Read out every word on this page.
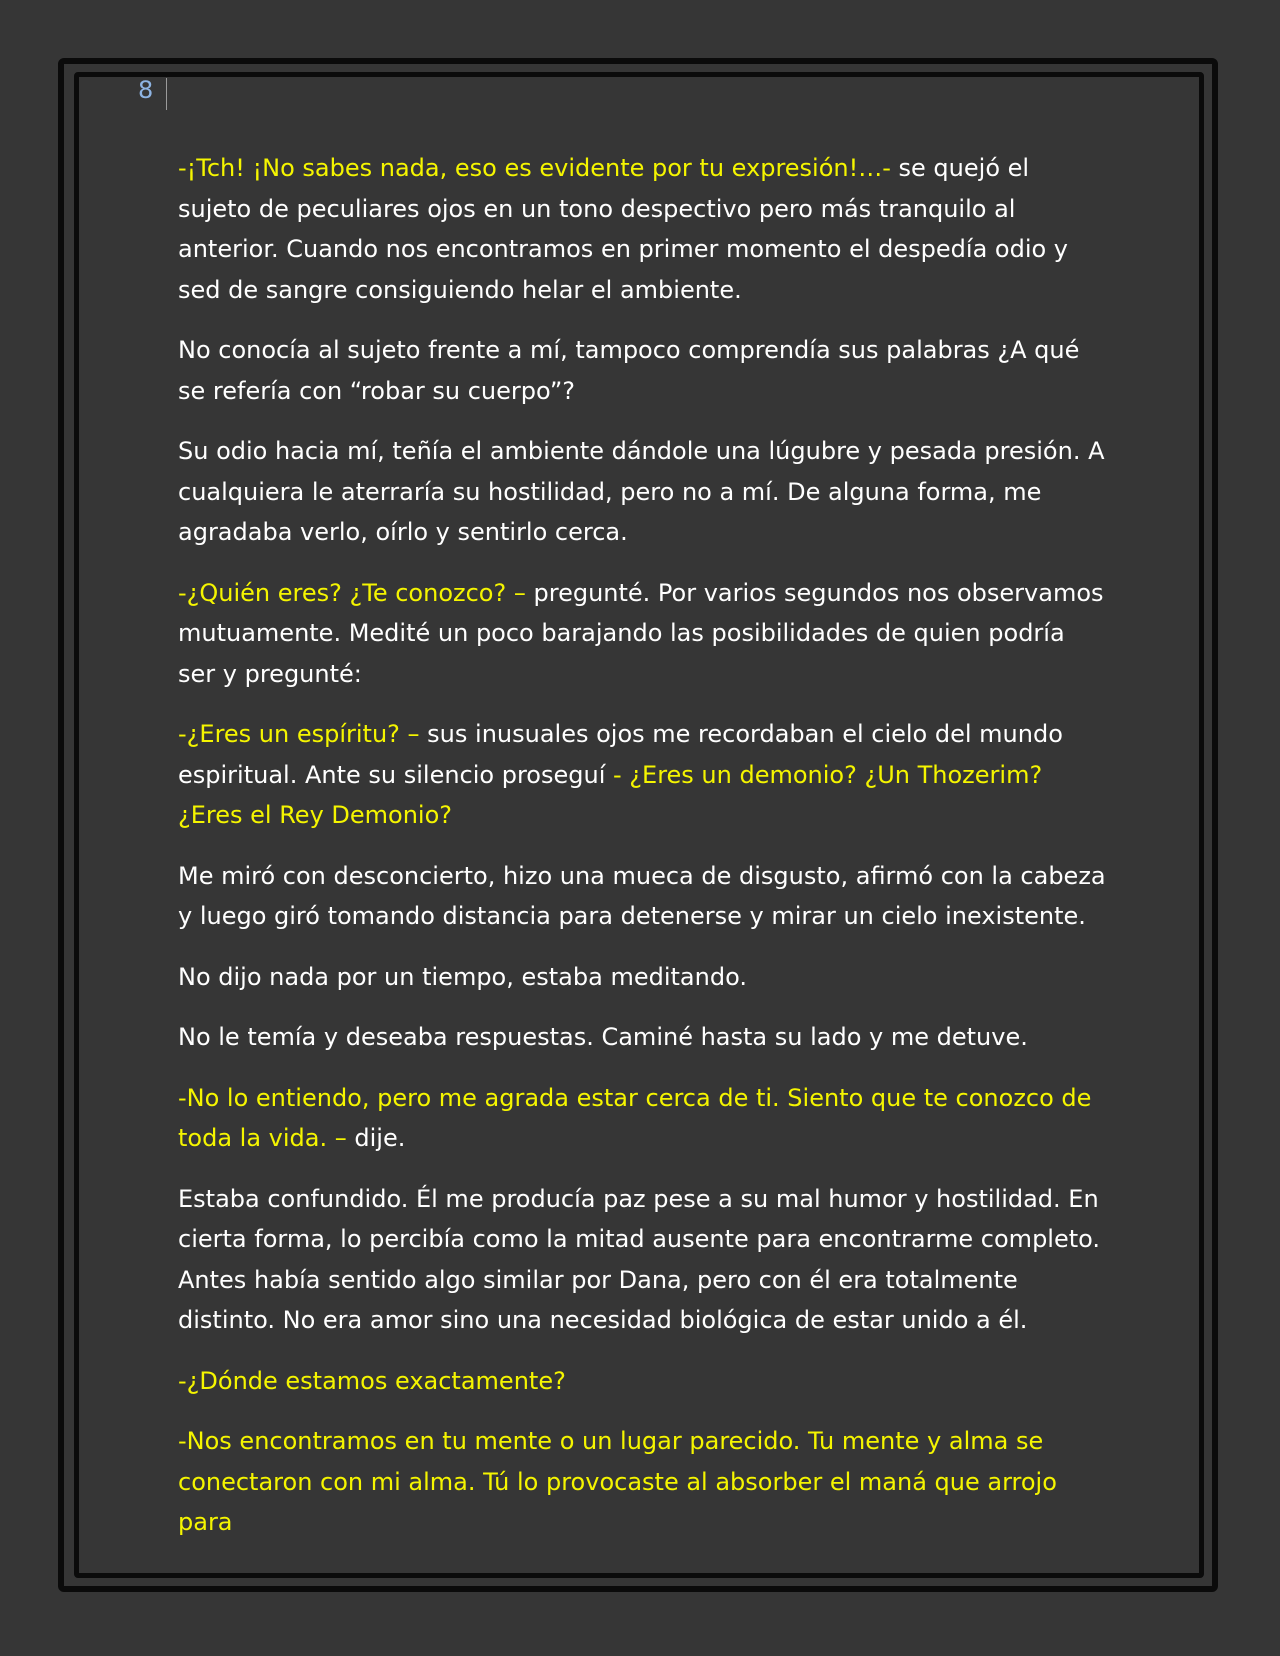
8

-¡Tch! ¡No sabes nada, eso es evidente por tu expresión!…- se quejó el sujeto de peculiares ojos en un tono despectivo pero más tranquilo al anterior. Cuando nos encontramos en primer momento el despedía odio y sed de sangre consiguiendo helar el ambiente.

No conocía al sujeto frente a mí, tampoco comprendía sus palabras ¿A qué se refería con “robar su cuerpo”?

Su odio hacia mí, teñía el ambiente dándole una lúgubre y pesada presión. A cualquiera le aterraría su hostilidad, pero no a mí. De alguna forma, me agradaba verlo, oírlo y sentirlo cerca.

-¿Quién eres? ¿Te conozco? – pregunté. Por varios segundos nos observamos mutuamente. Medité un poco barajando las posibilidades de quien podría ser y pregunté:

-¿Eres un espíritu? – sus inusuales ojos me recordaban el cielo del mundo espiritual. Ante su silencio proseguí - ¿Eres un demonio? ¿Un Thozerim? ¿Eres el Rey Demonio?

Me miró con desconcierto, hizo una mueca de disgusto, afirmó con la cabeza y luego giró tomando distancia para detenerse y mirar un cielo inexistente.

No dijo nada por un tiempo, estaba meditando.

No le temía y deseaba respuestas. Caminé hasta su lado y me detuve.

-No lo entiendo, pero me agrada estar cerca de ti. Siento que te conozco de toda la vida. – dije.

Estaba confundido. Él me producía paz pese a su mal humor y hostilidad. En cierta forma, lo percibía como la mitad ausente para encontrarme completo. Antes había sentido algo similar por Dana, pero con él era totalmente distinto. No era amor sino una necesidad biológica de estar unido a él.

-¿Dónde estamos exactamente?

-Nos encontramos en tu mente o un lugar parecido. Tu mente y alma se conectaron con mi alma. Tú lo provocaste al absorber el maná que arrojo para
